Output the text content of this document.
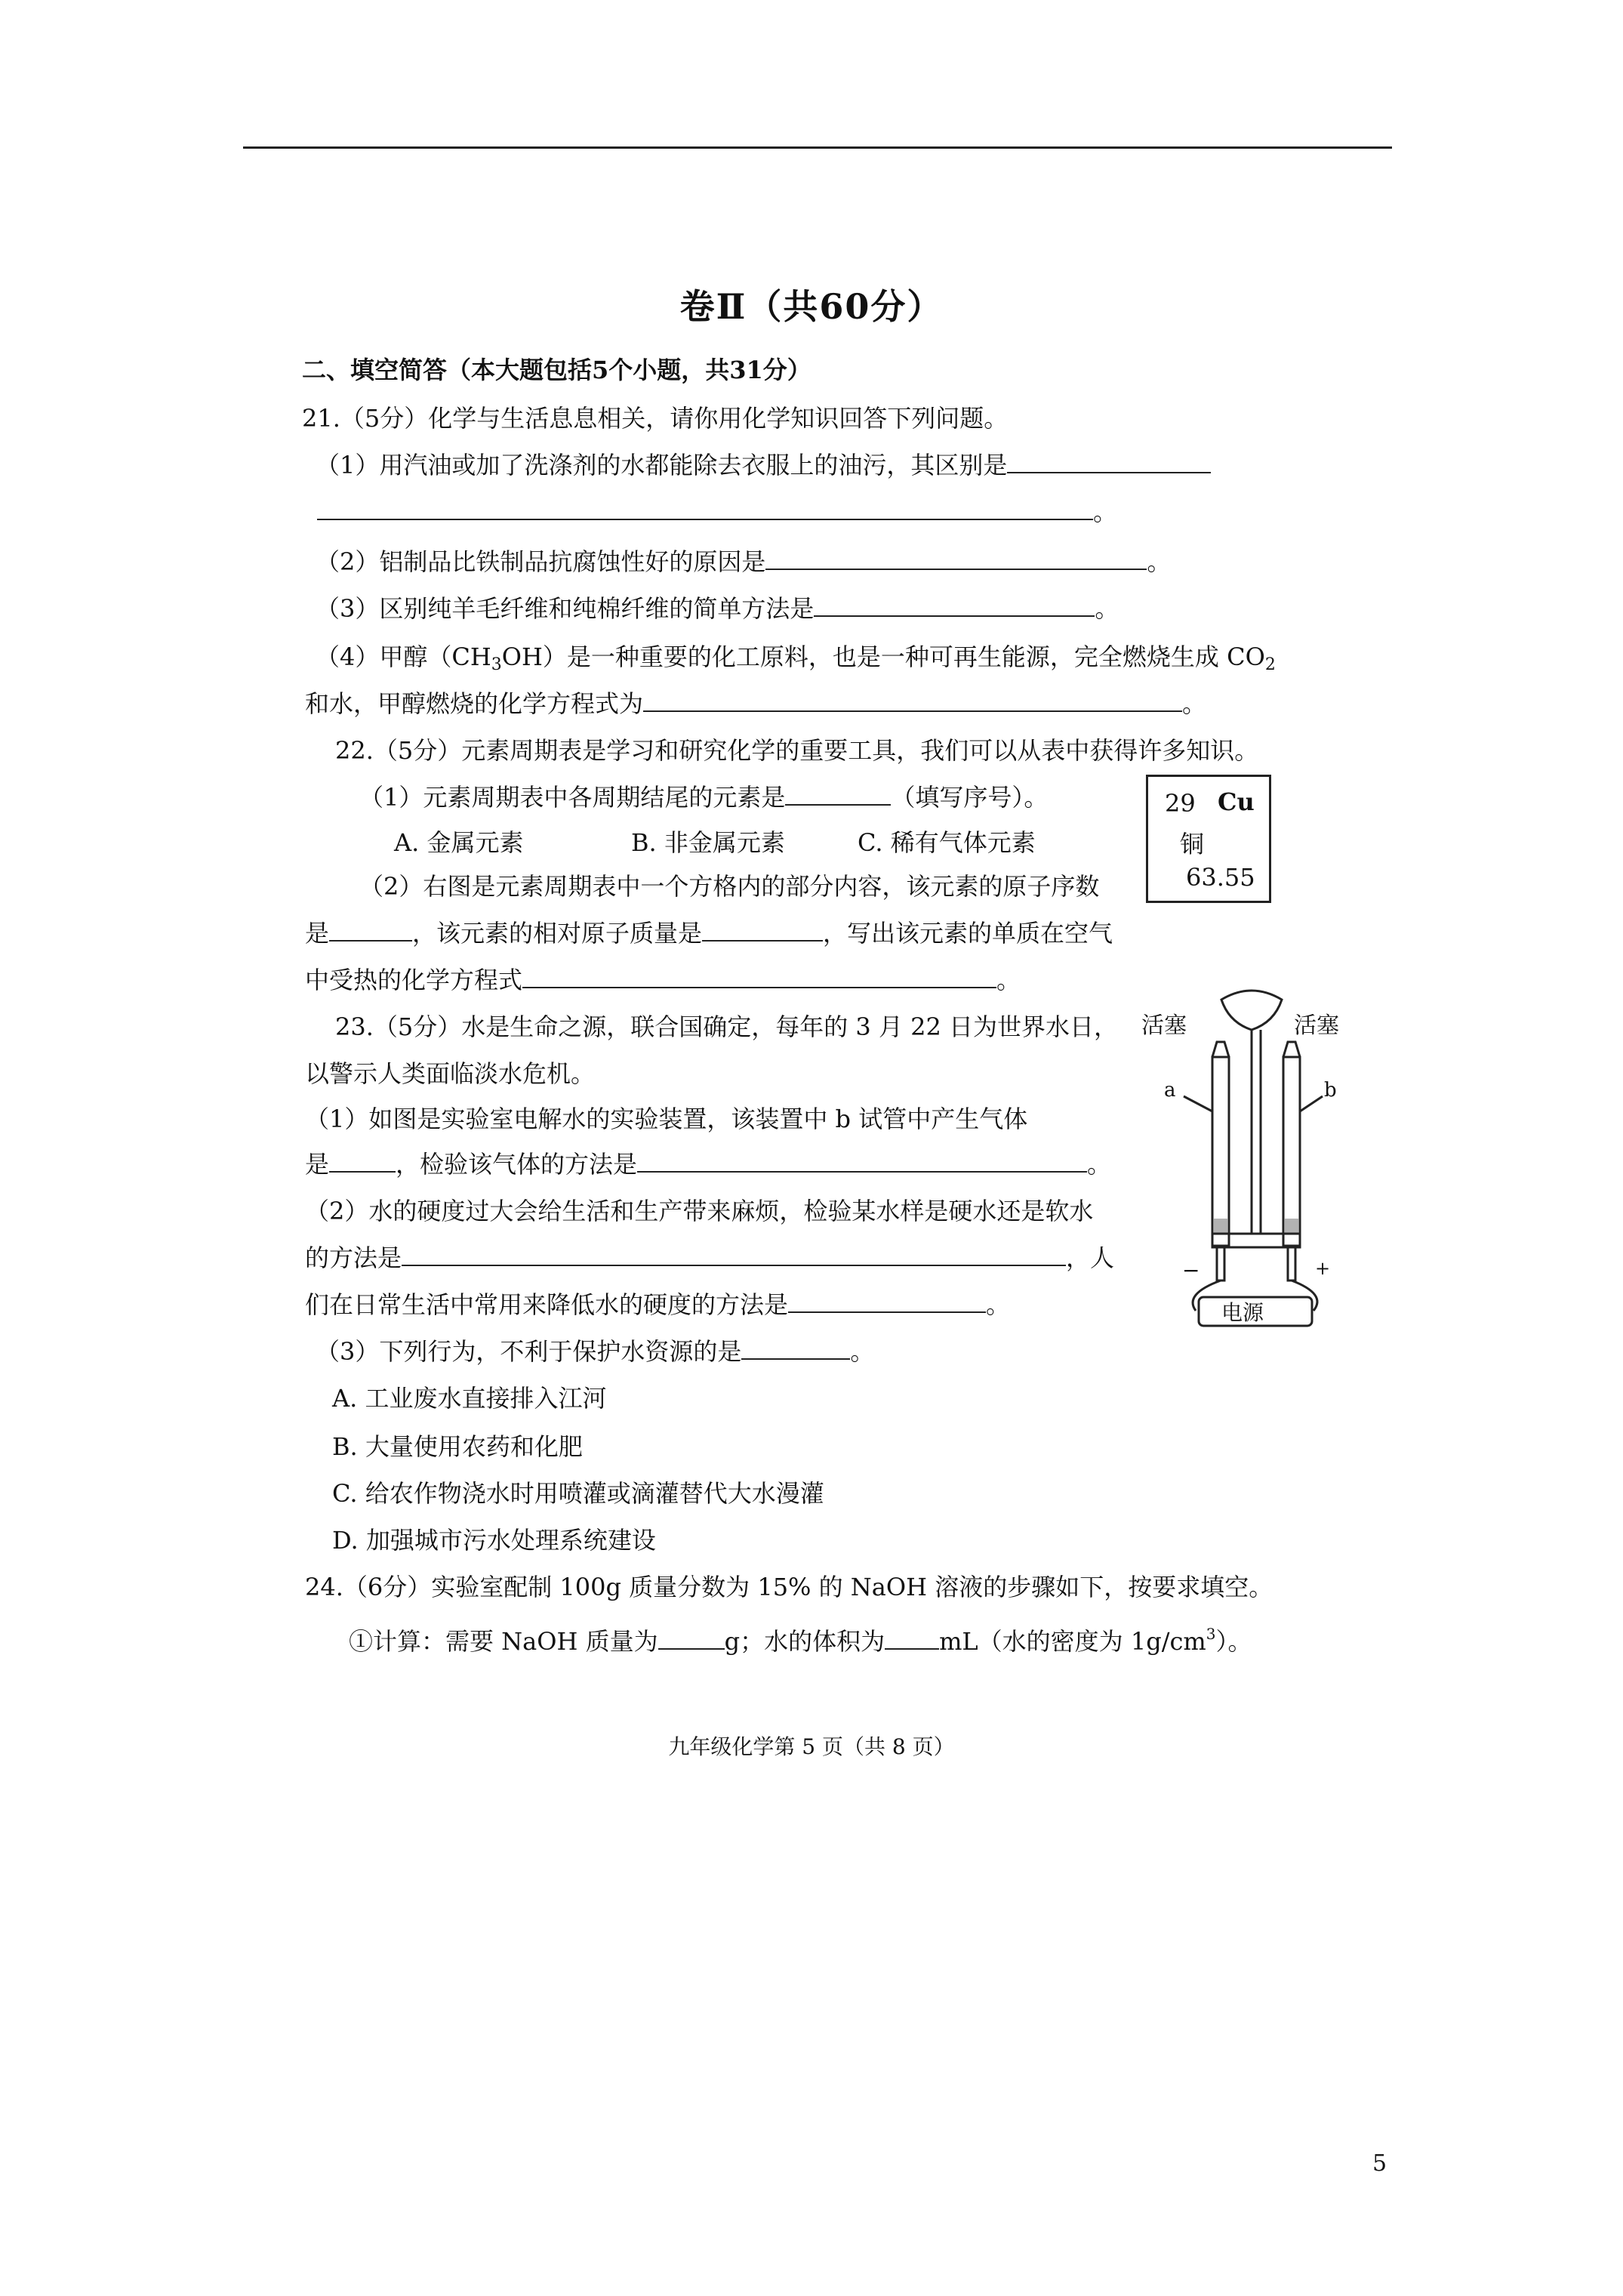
卷Ⅱ（共60分）
二、填空简答（本大题包括5个小题，共31分）
21.（5分）化学与生活息息相关，请你用化学知识回答下列问题。
（1）用汽油或加了洗涤剂的水都能除去衣服上的油污，其区别是
。
（2）铝制品比铁制品抗腐蚀性好的原因是	。
（3）区别纯羊毛纤维和纯棉纤维的简单方法是	。
（4）甲醇$(CH_3OH)$是一种重要的化工原料，也是一种可再生能源，完全燃烧生成 $CO_2$
和水，甲醇燃烧的化学方程式为	。
22.（5分）元素周期表是学习和研究化学的重要工具，我们可以从表中获得许多知识。
（1）元素周期表中各周期结尾的元素是	（填写序号）。
A. 金属元素	B. 非金属元素	C. 稀有气体元素
29 Cu
铜
63.55
（2）右图是元素周期表中一个方格内的部分内容，该元素的原子序数
是	，该元素的相对原子质量是	，写出该元素的单质在空气
中受热的化学方程式	。
23.（5分）水是生命之源，联合国确定，每年的 3 月 22 日为世界水日，
以警示人类面临淡水危机。
（1）如图是实验室电解水的实验装置，该装置中 b 试管中产生气体
是	，检验该气体的方法是	。
（2）水的硬度过大会给生活和生产带来麻烦，检验某水样是硬水还是软水
的方法是	，人
们在日常生活中常用来降低水的硬度的方法是	。
（3）下列行为，不利于保护水资源的是	。
A. 工业废水直接排入江河
B. 大量使用农药和化肥
C. 给农作物浇水时用喷灌或滴灌替代大水漫灌
D. 加强城市污水处理系统建设
活塞	活塞
a	b
−	+
电源
24.（6分）实验室配制 100g 质量分数为 15% 的 NaOH 溶液的步骤如下，按要求填空。
①计算：需要 NaOH 质量为	g；水的体积为 mL（水的密度为 $1g/cm^3$）。
九年级化学第 5 页（共 8 页）
5
